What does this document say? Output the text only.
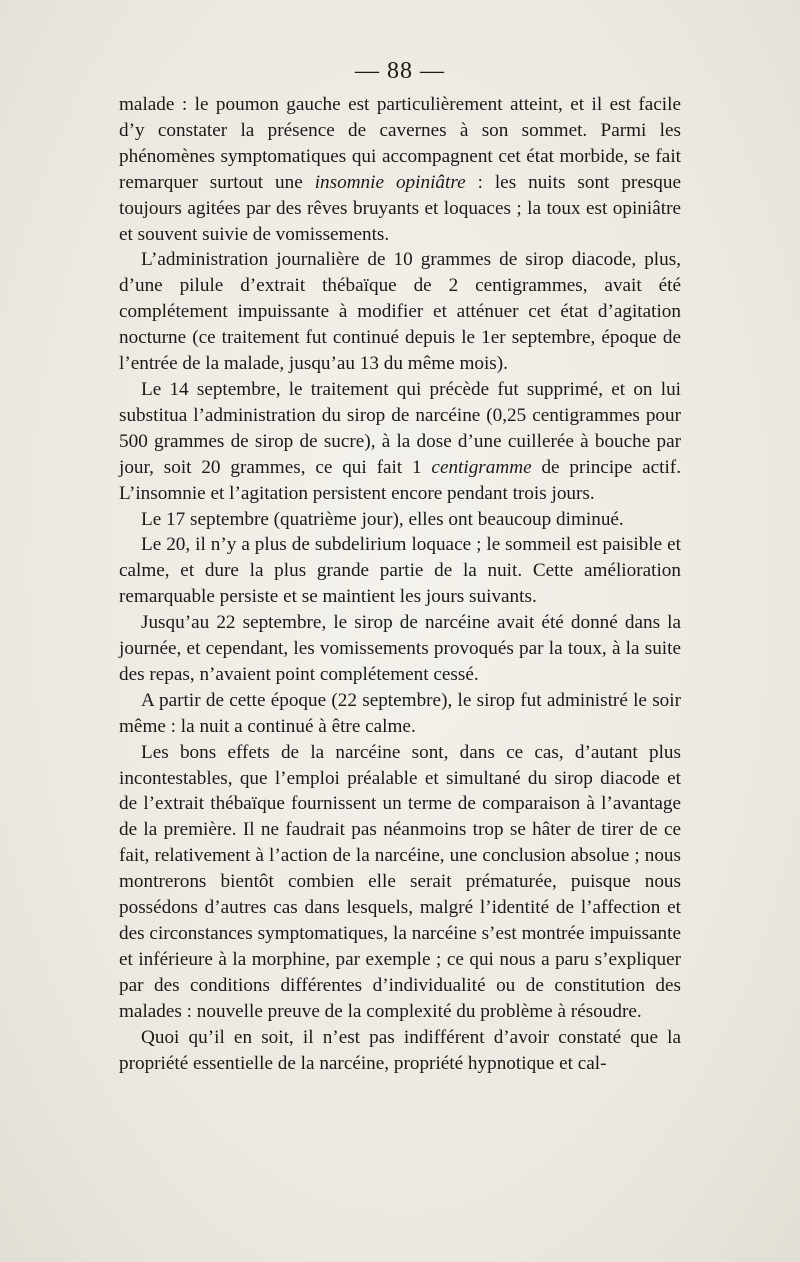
— 88 —

malade : le poumon gauche est particulièrement atteint, et il est facile d’y constater la présence de cavernes à son sommet. Parmi les phénomènes symptomatiques qui accompagnent cet état morbide, se fait remarquer surtout une insomnie opiniâtre : les nuits sont presque toujours agitées par des rêves bruyants et loquaces ; la toux est opiniâtre et souvent suivie de vomissements.

L’administration journalière de 10 grammes de sirop diacode, plus, d’une pilule d’extrait thébaïque de 2 centigrammes, avait été complétement impuissante à modifier et atténuer cet état d’agitation nocturne (ce traitement fut continué depuis le 1er septembre, époque de l’entrée de la malade, jusqu’au 13 du même mois).

Le 14 septembre, le traitement qui précède fut supprimé, et on lui substitua l’administration du sirop de narcéine (0,25 centigrammes pour 500 grammes de sirop de sucre), à la dose d’une cuillerée à bouche par jour, soit 20 grammes, ce qui fait 1 centigramme de principe actif. L’insomnie et l’agitation persistent encore pendant trois jours.

Le 17 septembre (quatrième jour), elles ont beaucoup diminué.

Le 20, il n’y a plus de subdelirium loquace ; le sommeil est paisible et calme, et dure la plus grande partie de la nuit. Cette amélioration remarquable persiste et se maintient les jours suivants.

Jusqu’au 22 septembre, le sirop de narcéine avait été donné dans la journée, et cependant, les vomissements provoqués par la toux, à la suite des repas, n’avaient point complétement cessé.

A partir de cette époque (22 septembre), le sirop fut administré le soir même : la nuit a continué à être calme.

Les bons effets de la narcéine sont, dans ce cas, d’autant plus incontestables, que l’emploi préalable et simultané du sirop diacode et de l’extrait thébaïque fournissent un terme de comparaison à l’avantage de la première. Il ne faudrait pas néanmoins trop se hâter de tirer de ce fait, relativement à l’action de la narcéine, une conclusion absolue ; nous montrerons bientôt combien elle serait prématurée, puisque nous possédons d’autres cas dans lesquels, malgré l’identité de l’affection et des circonstances symptomatiques, la narcéine s’est montrée impuissante et inférieure à la morphine, par exemple ; ce qui nous a paru s’expliquer par des conditions différentes d’individualité ou de constitution des malades : nouvelle preuve de la complexité du problème à résoudre.

Quoi qu’il en soit, il n’est pas indifférent d’avoir constaté que la propriété essentielle de la narcéine, propriété hypnotique et cal-
